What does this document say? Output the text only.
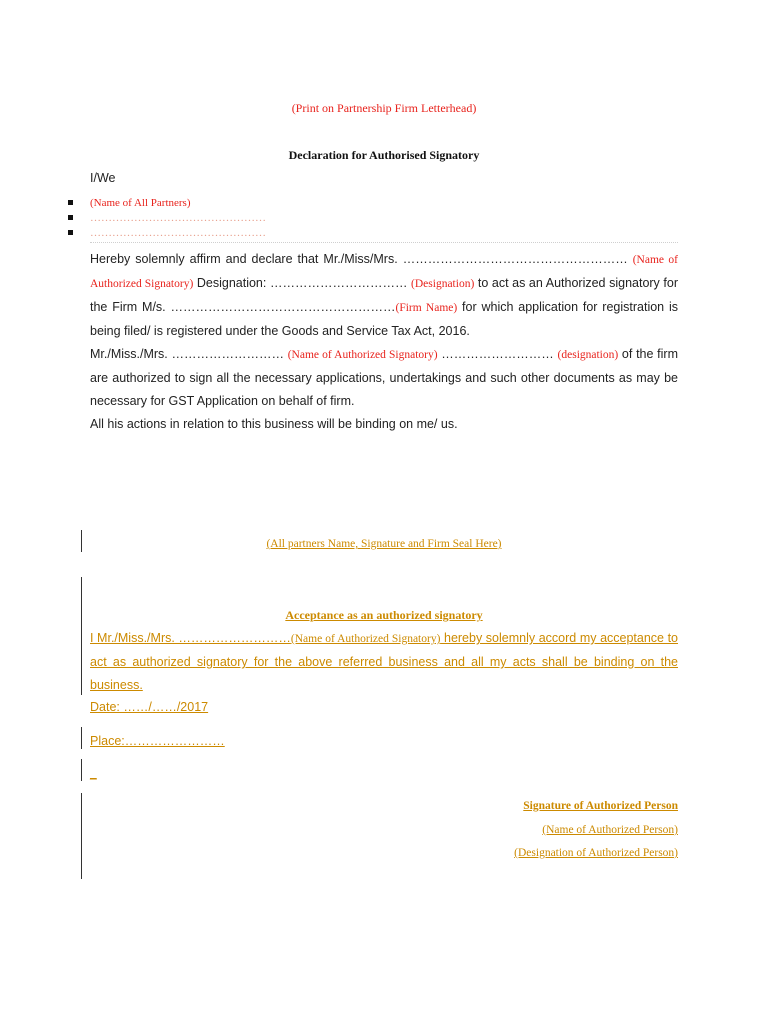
(Print on Partnership Firm Letterhead)
Declaration for Authorised Signatory
I/We
(Name of All Partners)
…………………………………………
…………………………………………

Hereby solemnly affirm and declare that Mr./Miss/Mrs. ……………………………………………… (Name of Authorized Signatory) Designation: …………………………… (Designation) to act as an Authorized signatory for the Firm M/s. ………………………………………………(Firm Name) for which application for registration is being filed/ is registered under the Goods and Service Tax Act, 2016.

Mr./Miss./Mrs. ……………………… (Name of Authorized Signatory) ……………………… (designation) of the firm are authorized to sign all the necessary applications, undertakings and such other documents as may be necessary for GST Application on behalf of firm.

All his actions in relation to this business will be binding on me/ us.

(All partners Name, Signature and Firm Seal Here)
Acceptance as an authorized signatory
I Mr./Miss./Mrs. ………………………(Name of Authorized Signatory) hereby solemnly accord my acceptance to act as authorized signatory for the above referred business and all my acts shall be binding on the business.
Date: ……/……/2017
Place:……………………
_
Signature of Authorized Person
(Name of Authorized Person)
(Designation of Authorized Person)
